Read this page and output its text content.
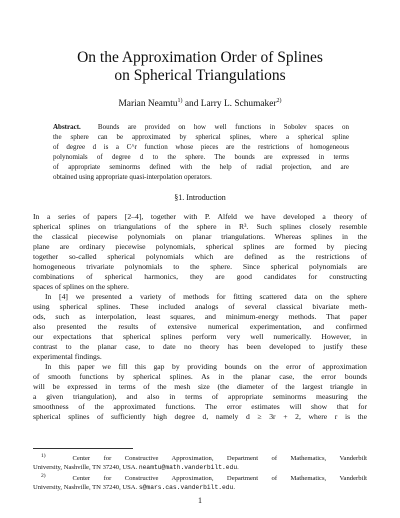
On the Approximation Order of Splines
on Spherical Triangulations
Marian Neamtu$^{1)}$ and Larry L. Schumaker$^{2)}$
Abstract. Bounds are provided on how well functions in Sobolev spaces on
the sphere can be approximated by spherical splines, where a spherical spline
of degree d is a C^r function whose pieces are the restrictions of homogeneous
polynomials of degree d to the sphere. The bounds are expressed in terms
of appropriate seminorms defined with the help of radial projection, and are
obtained using appropriate quasi-interpolation operators.
§1. Introduction
In a series of papers [2–4], together with P. Alfeld we have developed a theory of
spherical splines on triangulations of the sphere in R³. Such splines closely resemble
the classical piecewise polynomials on planar triangulations. Whereas splines in the
plane are ordinary piecewise polynomials, spherical splines are formed by piecing
together so-called spherical polynomials which are defined as the restrictions of
homogeneous trivariate polynomials to the sphere. Since spherical polynomials are
combinations of spherical harmonics, they are good candidates for constructing
spaces of splines on the sphere.
In [4] we presented a variety of methods for fitting scattered data on the sphere
using spherical splines. These included analogs of several classical bivariate meth-
ods, such as interpolation, least squares, and minimum-energy methods. That paper
also presented the results of extensive numerical experimentation, and confirmed
our expectations that spherical splines perform very well numerically. However, in
contrast to the planar case, to date no theory has been developed to justify these
experimental findings.
In this paper we fill this gap by providing bounds on the error of approximation
of smooth functions by spherical splines. As in the planar case, the error bounds
will be expressed in terms of the mesh size (the diameter of the largest triangle in
a given triangulation), and also in terms of appropriate seminorms measuring the
smoothness of the approximated functions. The error estimates will show that for
spherical splines of sufficiently high degree d, namely d ≥ 3r + 2, where r is the
$^{1)}$	Center for Constructive Approximation, Department of Mathematics, Vanderbilt
University, Nashville, TN 37240, USA. neamtu@math.vanderbilt.edu.
$^{2)}$	Center for Constructive Approximation, Department of Mathematics, Vanderbilt
University, Nashville, TN 37240, USA. s@mars.cas.vanderbilt.edu.
1
